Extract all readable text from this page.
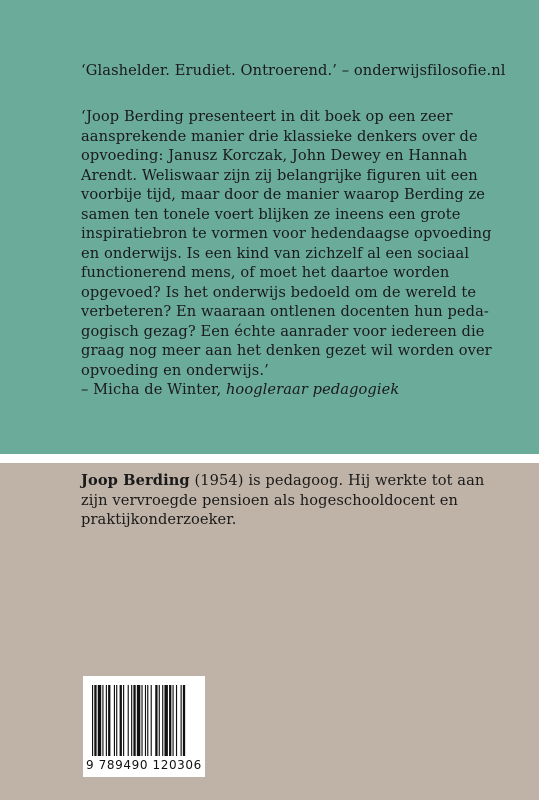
‘Glashelder. Erudiet. Ontroerend.’ – onderwijsfilosofie.nl
‘Joop Berding presenteert in dit boek op een zeer
aansprekende manier drie klassieke denkers over de
opvoeding: Janusz Korczak, John Dewey en Hannah
Arendt. Weliswaar zijn zij belangrijke figuren uit een
voorbije tijd, maar door de manier waarop Berding ze
samen ten tonele voert blijken ze ineens een grote
inspiratiebron te vormen voor hedendaagse opvoeding
en onderwijs. Is een kind van zichzelf al een sociaal
functionerend mens, of moet het daartoe worden
opgevoed? Is het onderwijs bedoeld om de wereld te
verbeteren? En waaraan ontlenen docenten hun peda-
gogisch gezag? Een échte aanrader voor iedereen die
graag nog meer aan het denken gezet wil worden over
opvoeding en onderwijs.’
– Micha de Winter, hoogleraar pedagogiek
Joop Berding (1954) is pedagoog. Hij werkte tot aan
zijn vervroegde pensioen als hogeschooldocent en
praktijkonderzoeker.
9 789490 120306
